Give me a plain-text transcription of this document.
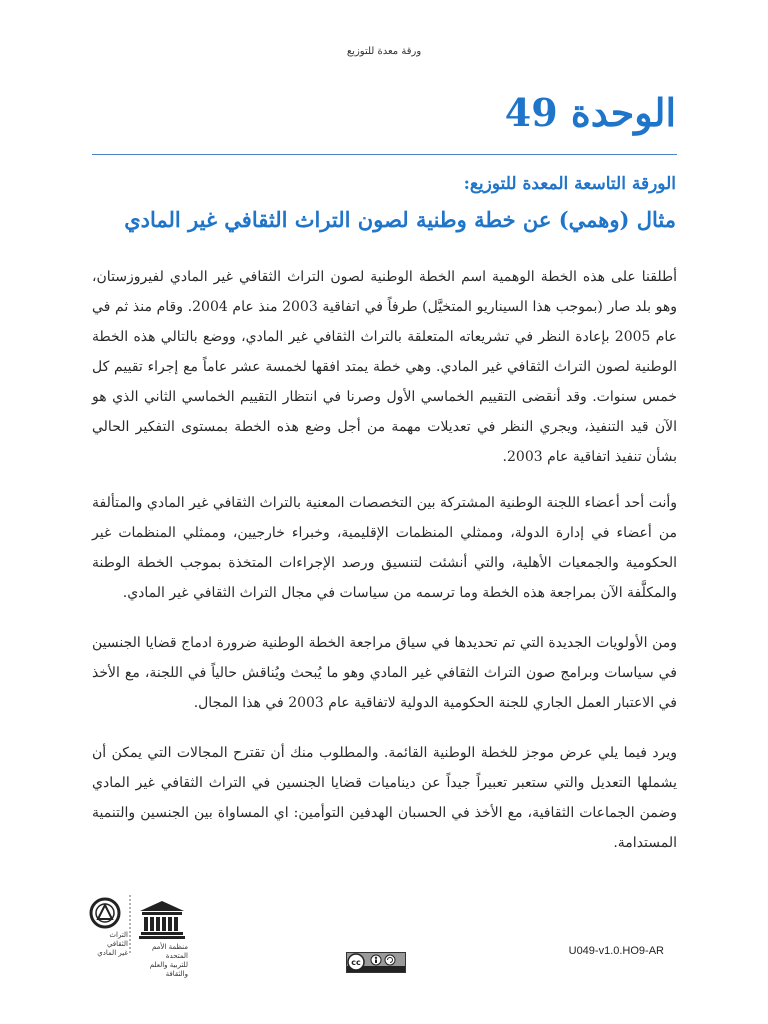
ورقة معدة للتوزيع
الوحدة 49
الورقة التاسعة المعدة للتوزيع:
مثال (وهمي) عن خطة وطنية لصون التراث الثقافي غير المادي

أطلقنا على هذه الخطة الوهمية اسم الخطة الوطنية لصون التراث الثقافي غير المادي لفيروزستان، وهو بلد صار (بموجب هذا السيناريو المتخيَّل) طرفاً في اتفاقية 2003 منذ عام 2004. وقام منذ ثم في عام 2005 بإعادة النظر في تشريعاته المتعلقة بالتراث الثقافي غير المادي، ووضع بالتالي هذه الخطة الوطنية لصون التراث الثقافي غير المادي. وهي خطة يمتد افقها لخمسة عشر عاماً مع إجراء تقييم كل خمس سنوات. وقد أنقضى التقييم الخماسي الأول وصرنا في انتظار التقييم الخماسي الثاني الذي هو الآن قيد التنفيذ، ويجري النظر في تعديلات مهمة من أجل وضع هذه الخطة بمستوى التفكير الحالي بشأن تنفيذ اتفاقية عام 2003.

وأنت أحد أعضاء اللجنة الوطنية المشتركة بين التخصصات المعنية بالتراث الثقافي غير المادي والمتألفة من أعضاء في إدارة الدولة، وممثلي المنظمات الإقليمية، وخبراء خارجيين، وممثلي المنظمات غير الحكومية والجمعيات الأهلية، والتي أنشئت لتنسيق ورصد الإجراءات المتخذة بموجب الخطة الوطنة والمكلَّفة الآن بمراجعة هذه الخطة وما ترسمه من سياسات في مجال التراث الثقافي غير المادي.

ومن الأولويات الجديدة التي تم تحديدها في سياق مراجعة الخطة الوطنية ضرورة ادماج قضايا الجنسين في سياسات وبرامج صون التراث الثقافي غير المادي وهو ما يُبحث ويُناقش حالياً في اللجنة، مع الأخذ في الاعتبار العمل الجاري للجنة الحكومية الدولية لاتفاقية عام 2003 في هذا المجال.

ويرد فيما يلي عرض موجز للخطة الوطنية القائمة. والمطلوب منك أن تقترح المجالات التي يمكن أن يشملها التعديل والتي ستعبر تعبيراً جيداً عن ديناميات قضايا الجنسين في التراث الثقافي غير المادي وضمن الجماعات الثقافية، مع الأخذ في الحسبان الهدفين التوأمين: اي المساواة بين الجنسين والتنمية المستدامة.

التراث الثقافي
غير المادي
منظمة الأمم المتحدة
للتربية والعلم والثقافة
cc
U049-v1.0.HO9-AR
